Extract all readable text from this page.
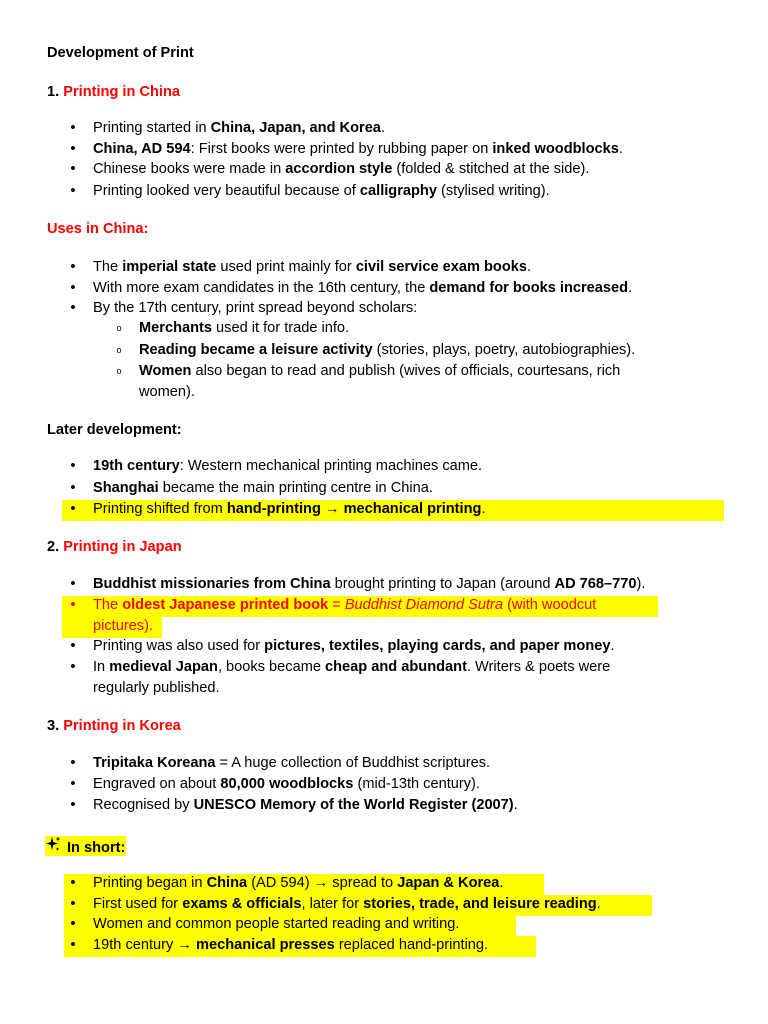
Development of Print
1. Printing in China
Uses in China:
Later development:
2. Printing in Japan
3. Printing in Korea
In short:
• Printing started in China, Japan, and Korea.
• China, AD 594: First books were printed by rubbing paper on inked woodblocks.
• Chinese books were made in accordion style (folded & stitched at the side).
• Printing looked very beautiful because of calligraphy (stylised writing).
• The imperial state used print mainly for civil service exam books.
• With more exam candidates in the 16th century, the demand for books increased.
• By the 17th century, print spread beyond scholars:
o Merchants used it for trade info.
o Reading became a leisure activity (stories, plays, poetry, autobiographies).
o Women also began to read and publish (wives of officials, courtesans, rich
women).
• 19th century: Western mechanical printing machines came.
• Shanghai became the main printing centre in China.
• Printing shifted from hand-printing → mechanical printing.
• Buddhist missionaries from China brought printing to Japan (around AD 768–770).
• The oldest Japanese printed book = Buddhist Diamond Sutra (with woodcut
pictures).
• Printing was also used for pictures, textiles, playing cards, and paper money.
• In medieval Japan, books became cheap and abundant. Writers & poets were
regularly published.
• Tripitaka Koreana = A huge collection of Buddhist scriptures.
• Engraved on about 80,000 woodblocks (mid-13th century).
• Recognised by UNESCO Memory of the World Register (2007).
• Printing began in China (AD 594) → spread to Japan & Korea.
• First used for exams & officials, later for stories, trade, and leisure reading.
• Women and common people started reading and writing.
• 19th century → mechanical presses replaced hand-printing.
